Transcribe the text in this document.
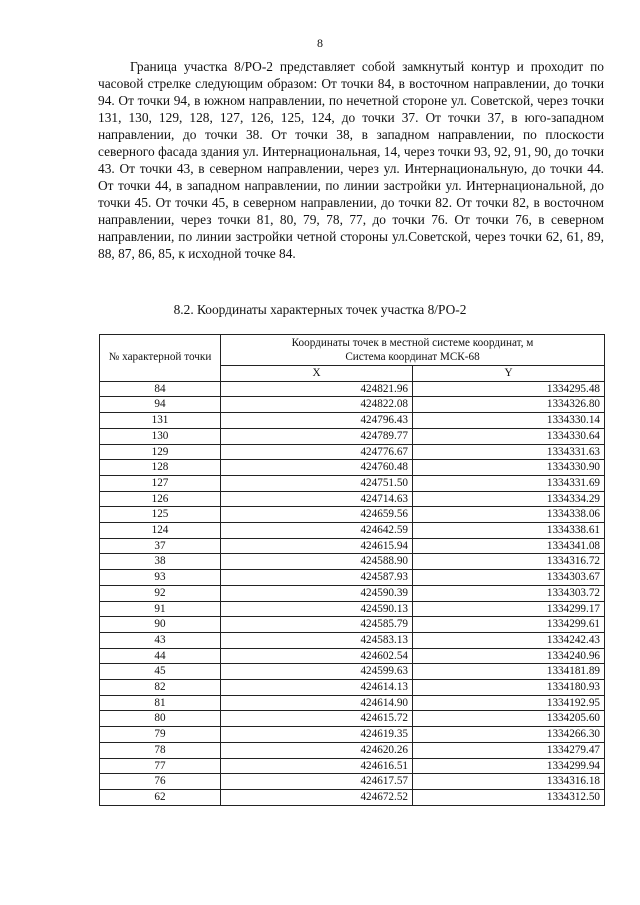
8

Граница участка 8/РО-2 представляет собой замкнутый контур и проходит по часовой стрелке следующим образом: От точки 84, в восточном направлении, до точки 94. От точки 94, в южном направлении, по нечетной стороне ул. Советской, через точки 131, 130, 129, 128, 127, 126, 125, 124, до точки 37. От точки 37, в юго-западном направлении, до точки 38. От точки 38, в западном направлении, по плоскости северного фасада здания ул. Интернациональная, 14, через точки 93, 92, 91, 90, до точки 43. От точки 43, в северном направлении, через ул. Интернациональную, до точки 44. От точки 44, в западном направлении, по линии застройки ул. Интернациональной, до точки 45. От точки 45, в северном направлении, до точки 82. От точки 82, в восточном направлении, через точки 81, 80, 79, 78, 77, до точки 76. От точки 76, в северном направлении, по линии застройки четной стороны ул.Советской, через точки 62, 61, 89, 88, 87, 86, 85, к исходной точке 84.

8.2. Координаты характерных точек участка 8/РО-2
№ характерной точки	Координаты точек в местной системе координат, м
Система координат МСК-68	
	X	Y
84	424821.96	1334295.48
94	424822.08	1334326.80
131	424796.43	1334330.14
130	424789.77	1334330.64
129	424776.67	1334331.63
128	424760.48	1334330.90
127	424751.50	1334331.69
126	424714.63	1334334.29
125	424659.56	1334338.06
124	424642.59	1334338.61
37	424615.94	1334341.08
38	424588.90	1334316.72
93	424587.93	1334303.67
92	424590.39	1334303.72
91	424590.13	1334299.17
90	424585.79	1334299.61
43	424583.13	1334242.43
44	424602.54	1334240.96
45	424599.63	1334181.89
82	424614.13	1334180.93
81	424614.90	1334192.95
80	424615.72	1334205.60
79	424619.35	1334266.30
78	424620.26	1334279.47
77	424616.51	1334299.94
76	424617.57	1334316.18
62	424672.52	1334312.50
